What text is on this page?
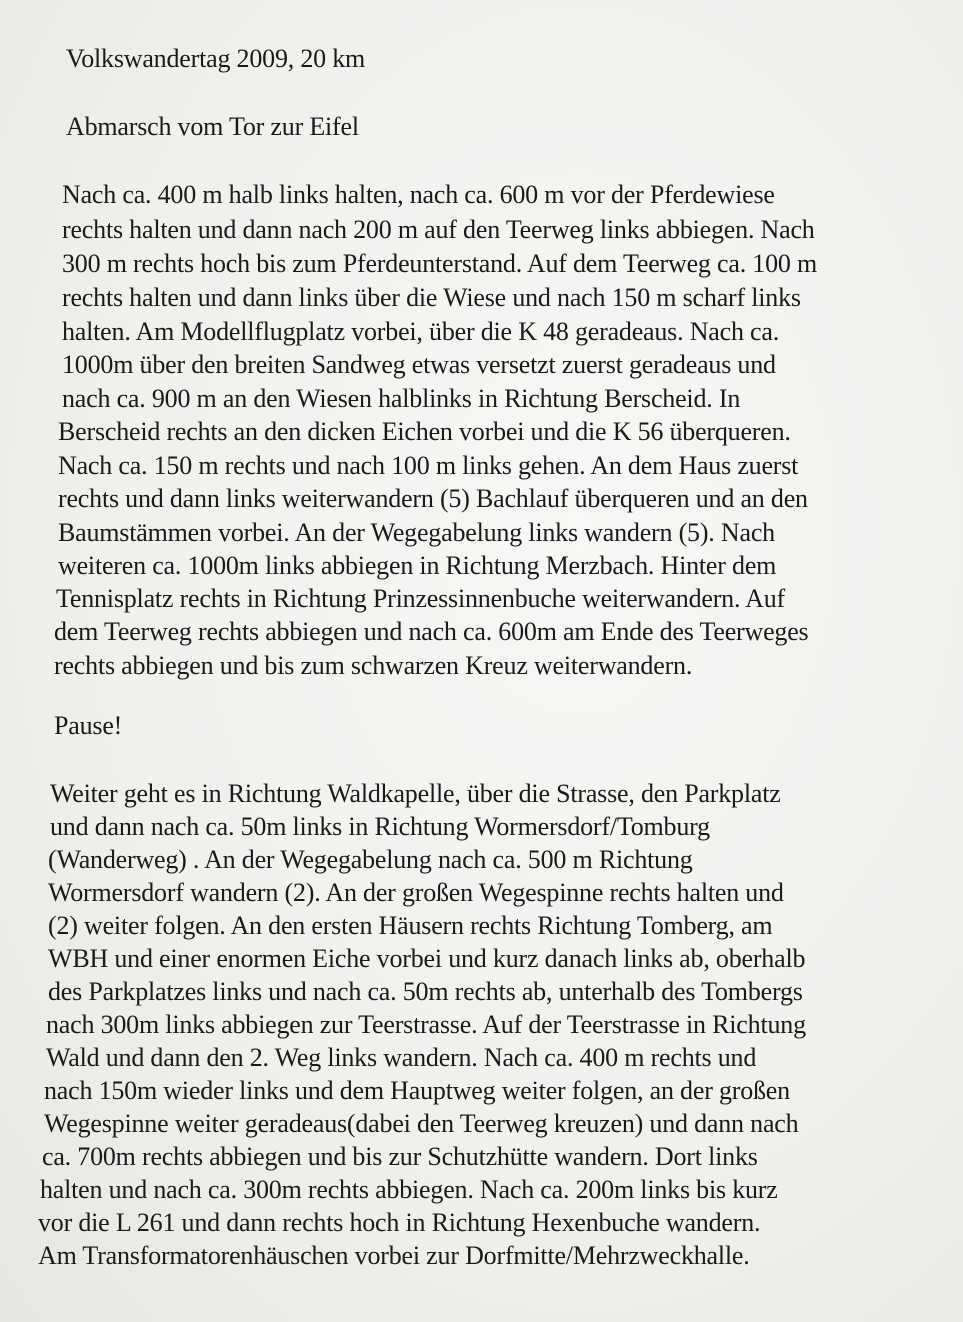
Volkswandertag 2009, 20 km
Abmarsch vom Tor zur Eifel
Nach ca. 400 m halb links halten, nach ca. 600 m vor der Pferdewiese
rechts halten und dann nach 200 m auf den Teerweg links abbiegen. Nach
300 m rechts hoch bis zum Pferdeunterstand. Auf dem Teerweg ca. 100 m
rechts halten und dann links über die Wiese und nach 150 m scharf links
halten. Am Modellflugplatz vorbei, über die K 48 geradeaus. Nach ca.
1000m über den breiten Sandweg etwas versetzt zuerst geradeaus und
nach ca. 900 m an den Wiesen halblinks in Richtung Berscheid. In
Berscheid rechts an den dicken Eichen vorbei und die K 56 überqueren.
Nach ca. 150 m rechts und nach 100 m links gehen. An dem Haus zuerst
rechts und dann links weiterwandern (5) Bachlauf überqueren und an den
Baumstämmen vorbei. An der Wegegabelung links wandern (5). Nach
weiteren ca. 1000m links abbiegen in Richtung Merzbach. Hinter dem
Tennisplatz rechts in Richtung Prinzessinnenbuche weiterwandern. Auf
dem Teerweg rechts abbiegen und nach ca. 600m am Ende des Teerweges
rechts abbiegen und bis zum schwarzen Kreuz weiterwandern.
Pause!
Weiter geht es in Richtung Waldkapelle, über die Strasse, den Parkplatz
und dann nach ca. 50m links in Richtung Wormersdorf/Tomburg
(Wanderweg) . An der Wegegabelung nach ca. 500 m Richtung
Wormersdorf wandern (2). An der großen Wegespinne rechts halten und
(2) weiter folgen. An den ersten Häusern rechts Richtung Tomberg, am
WBH und einer enormen Eiche vorbei und kurz danach links ab, oberhalb
des Parkplatzes links und nach ca. 50m rechts ab, unterhalb des Tombergs
nach 300m links abbiegen zur Teerstrasse. Auf der Teerstrasse in Richtung
Wald und dann den 2. Weg links wandern. Nach ca. 400 m rechts und
nach 150m wieder links und dem Hauptweg weiter folgen, an der großen
Wegespinne weiter geradeaus(dabei den Teerweg kreuzen) und dann nach
ca. 700m rechts abbiegen und bis zur Schutzhütte wandern. Dort links
halten und nach ca. 300m rechts abbiegen. Nach ca. 200m links bis kurz
vor die L 261 und dann rechts hoch in Richtung Hexenbuche wandern.
Am Transformatorenhäuschen vorbei zur Dorfmitte/Mehrzweckhalle.
